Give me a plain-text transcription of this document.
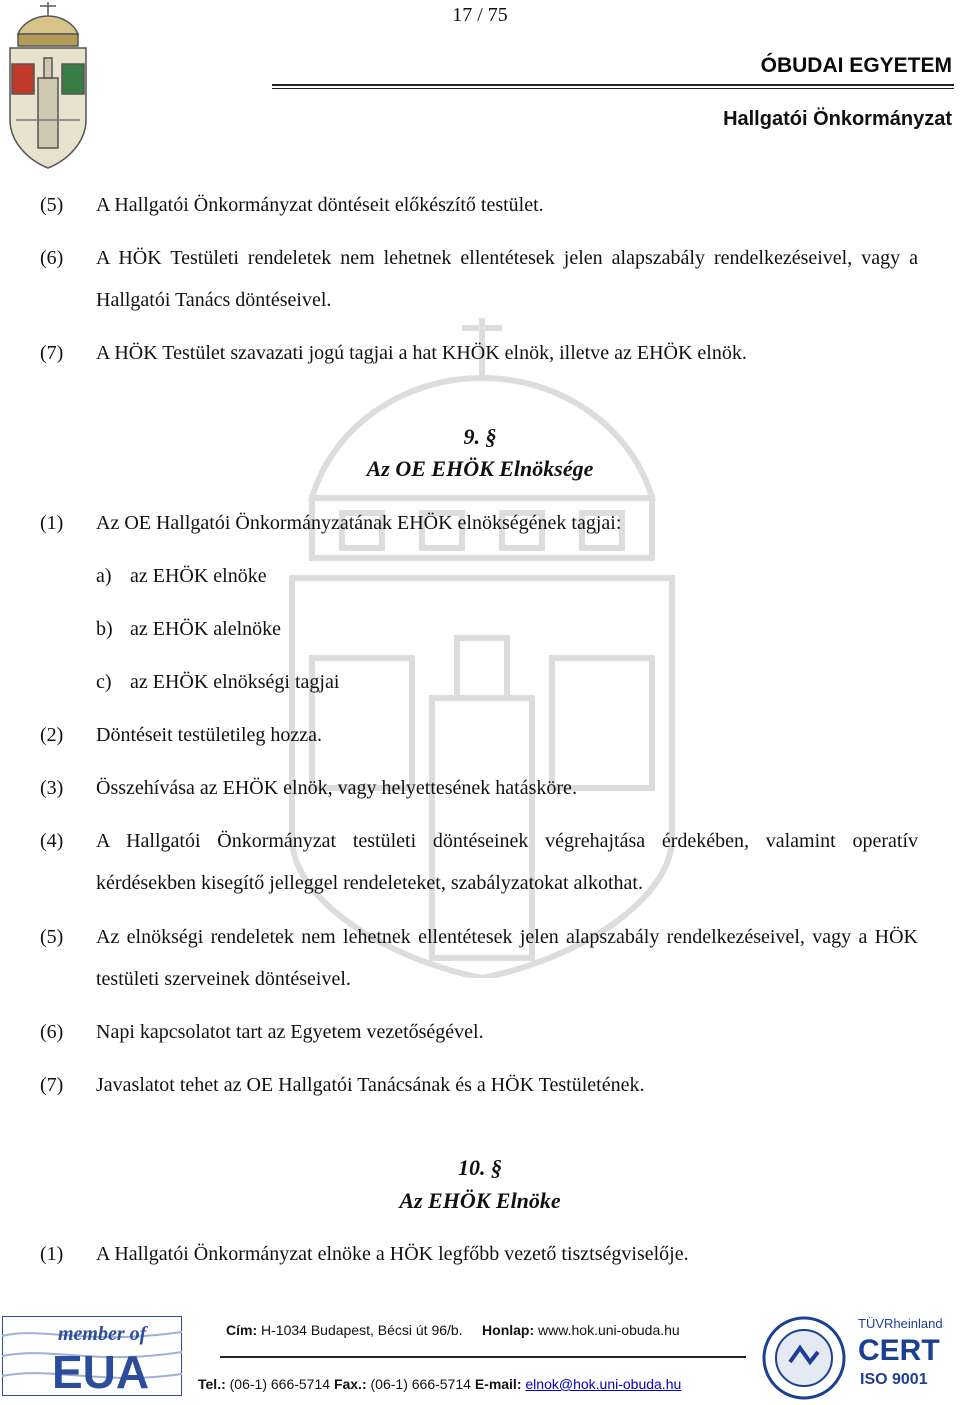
17 / 75
ÓBUDAI EGYETEM
Hallgatói Önkormányzat
(5)	A Hallgatói Önkormányzat döntéseit előkészítő testület.
(6)	A HÖK Testületi rendeletek nem lehetnek ellentétesek jelen alapszabály rendelkezéseivel, vagy a Hallgatói Tanács döntéseivel.
(7)	A HÖK Testület szavazati jogú tagjai a hat KHÖK elnök, illetve az EHÖK elnök.
9. §
Az OE EHÖK Elnöksége
(1)	Az OE Hallgatói Önkormányzatának EHÖK elnökségének tagjai:
a) az EHÖK elnöke
b) az EHÖK alelnöke
c) az EHÖK elnökségi tagjai
(2)	Döntéseit testületileg hozza.
(3)	Összehívása az EHÖK elnök, vagy helyettesének hatásköre.
(4)	A Hallgatói Önkormányzat testületi döntéseinek végrehajtása érdekében, valamint operatív kérdésekben kisegítő jelleggel rendeleteket, szabályzatokat alkothat.
(5)	Az elnökségi rendeletek nem lehetnek ellentétesek jelen alapszabály rendelkezéseivel, vagy a HÖK testületi szerveinek döntéseivel.
(6)	Napi kapcsolatot tart az Egyetem vezetőségével.
(7)	Javaslatot tehet az OE Hallgatói Tanácsának és a HÖK Testületének.
10. §
Az EHÖK Elnöke
(1)	A Hallgatói Önkormányzat elnöke a HÖK legfőbb vezető tisztségviselője.
member of
EUA
Cím: H-1034 Budapest, Bécsi út 96/b. Honlap: www.hok.uni-obuda.hu
Tel.: (06-1) 666-5714 Fax.: (06-1) 666-5714 E-mail: elnok@hok.uni-obuda.hu
TÜVRheinland
CERT
ISO 9001
